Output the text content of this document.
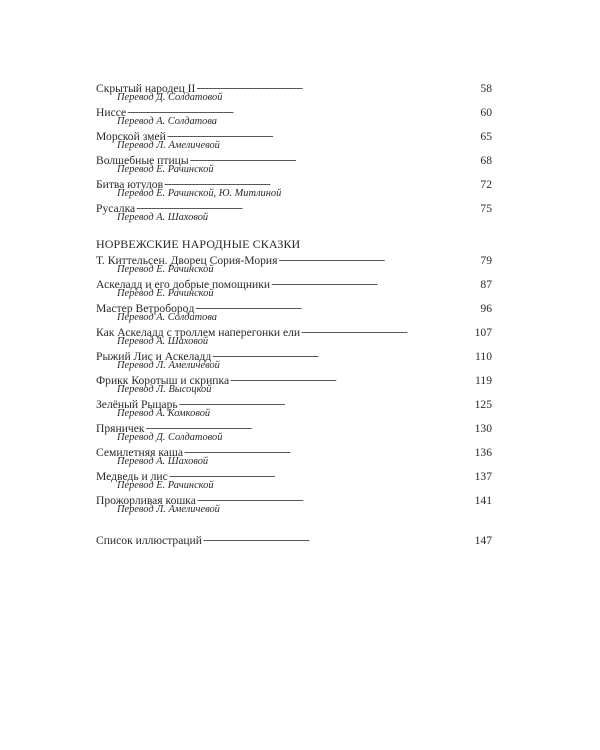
Скрытый народец II . . .	58
Перевод Д. Солдатовой
Ниссе . . .	60
Перевод А. Солдатова
Морской змей . . .	65
Перевод Л. Амеличевой
Волшебные птицы . . .	68
Перевод Е. Рачинской
Битва ютулов . . .	72
Перевод Е. Рачинской, Ю. Митлиной
Русалка . . .	75
Перевод А. Шаховой
НОРВЕЖСКИЕ НАРОДНЫЕ СКАЗКИ
Т. Киттельсен. Дворец Сория-Мория . . .	79
Перевод Е. Рачинской
Аскеладд и его добрые помощники . . .	87
Перевод Е. Рачинской
Мастер Ветроборoд . . .	96
Перевод А. Солдатова
Как Аскеладд с троллем наперегонки ели . . .	107
Перевод А. Шаховой
Рыжий Лис и Аскеладд . . .	110
Перевод Л. Амеличевой
Фрикк Коротыш и скрипка . . .	119
Перевод Л. Высоцкой
Зелёный Рыцарь . . .	125
Перевод А. Комковой
Пряничек . . .	130
Перевод Д. Солдатовой
Семилетняя каша . . .	136
Перевод А. Шаховой
Медведь и лис . . .	137
Перевод Е. Рачинской
Прожорливая кошка . . .	141
Перевод Л. Амеличевой
Список иллюстраций . . .	147
